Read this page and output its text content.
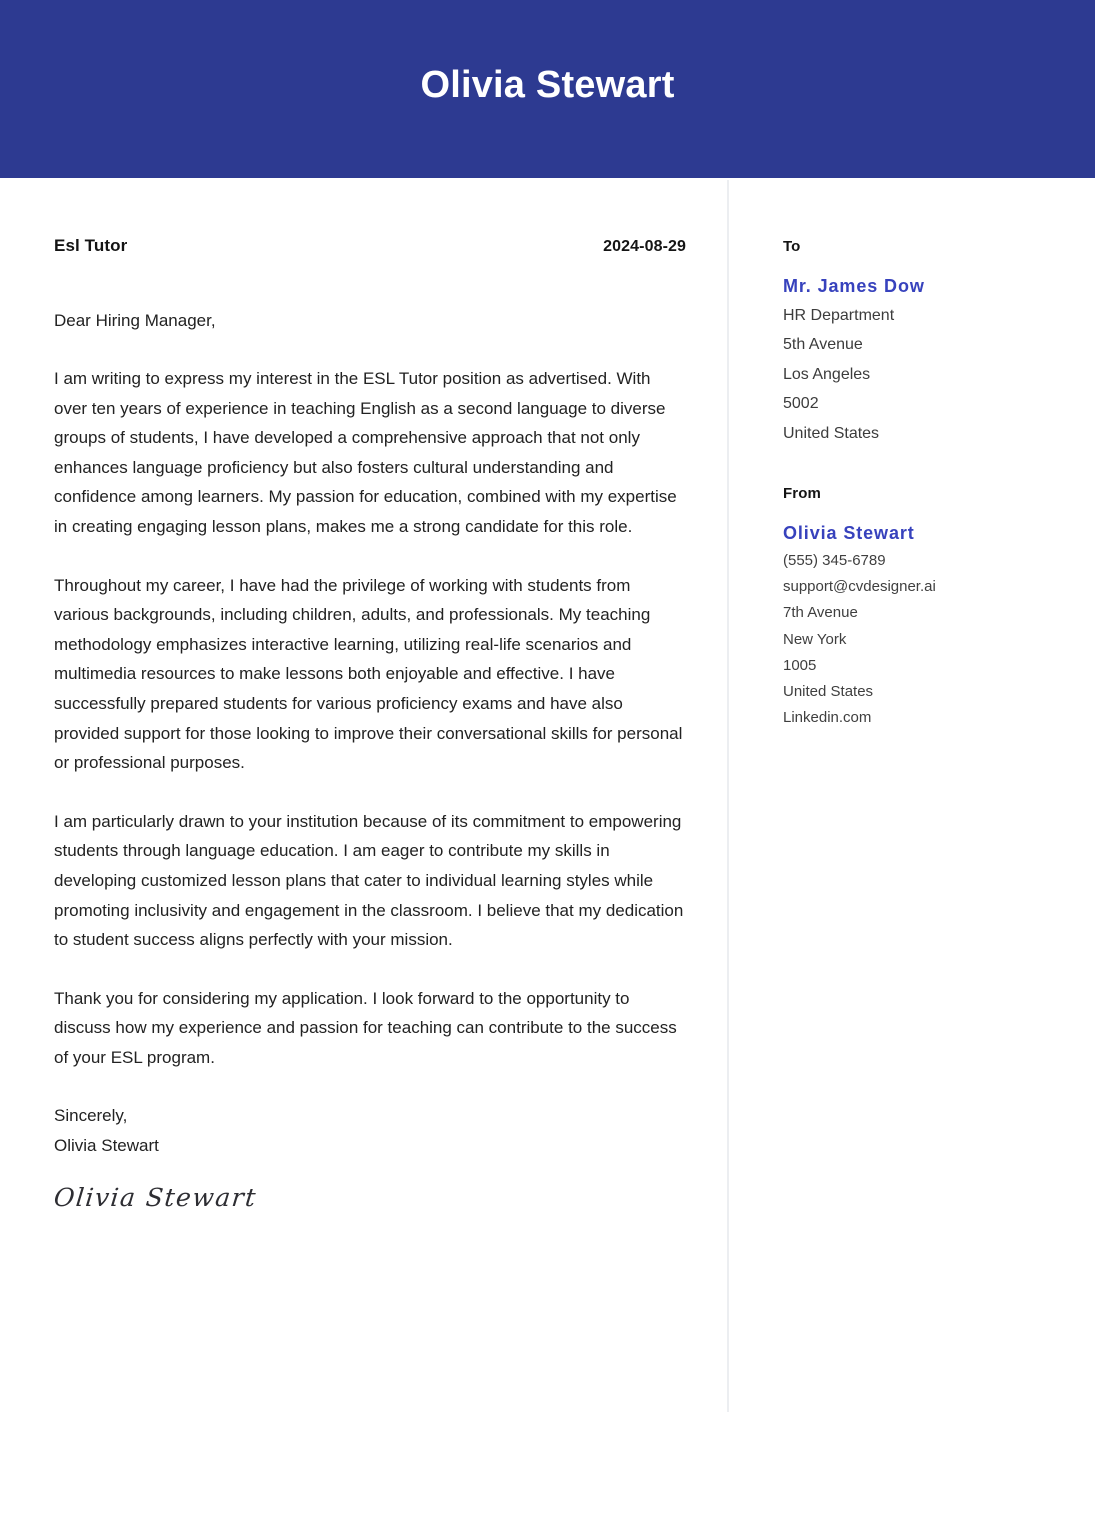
Olivia Stewart
Esl Tutor	2024-08-29
Dear Hiring Manager,

I am writing to express my interest in the ESL Tutor position as advertised. With over ten years of experience in teaching English as a second language to diverse groups of students, I have developed a comprehensive approach that not only enhances language proficiency but also fosters cultural understanding and confidence among learners. My passion for education, combined with my expertise in creating engaging lesson plans, makes me a strong candidate for this role.

Throughout my career, I have had the privilege of working with students from various backgrounds, including children, adults, and professionals. My teaching methodology emphasizes interactive learning, utilizing real-life scenarios and multimedia resources to make lessons both enjoyable and effective. I have successfully prepared students for various proficiency exams and have also provided support for those looking to improve their conversational skills for personal or professional purposes.

I am particularly drawn to your institution because of its commitment to empowering students through language education. I am eager to contribute my skills in developing customized lesson plans that cater to individual learning styles while promoting inclusivity and engagement in the classroom. I believe that my dedication to student success aligns perfectly with your mission.

Thank you for considering my application. I look forward to the opportunity to discuss how my experience and passion for teaching can contribute to the success of your ESL program.

Sincerely,
Olivia Stewart
Olivia Stewart
To
Mr. James Dow
HR Department
5th Avenue
Los Angeles
5002
United States
From
Olivia Stewart
(555) 345-6789
support@cvdesigner.ai
7th Avenue
New York
1005
United States
Linkedin.com
